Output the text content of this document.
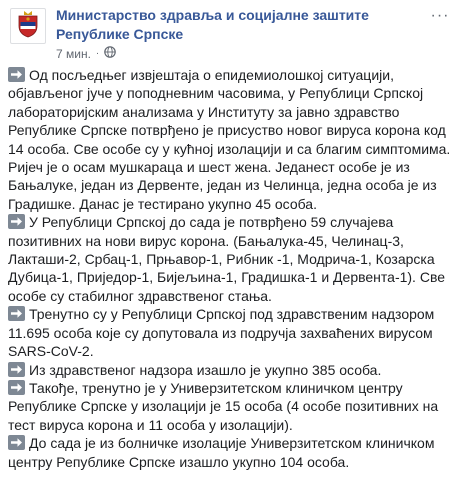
Министарство здравља и социјалне заштите Републике Српске
7 мин. ·
···

Од посљедњег извјештаја о епидемиолошкој ситуацији, објављеног јуче у поподневним часовима, у Републици Српској лабораторијским анализама у Институту за јавно здравство Републике Српске потврђено је присуство новог вируса корона код 14 особа. Све особе су у кућној изолацији и са благим симптомима. Ријеч је о осам мушкараца и шест жена. Једанест особе је из Бањалуке, један из Дервенте, један из Челинца, једна особа је из Градишке. Данас је тестирано укупно 45 особа.

У Републици Српској до сада је потврђено 59 случајева позитивних на нови вирус корона. (Бањалука-45, Челинац-3, Лакташи-2, Србац-1, Прњавор-1, Рибник -1, Модрича-1, Козарска Дубица-1, Приједор-1, Бијељина-1, Градишка-1 и Дервента-1). Све особе су стабилног здравственог стања.

Тренутно су у Републици Српској под здравственим надзором 11.695 особа које су допутовала из подручја захваћених вирусом SARS-CoV-2.

Из здравственог надзора изашло је укупно 385 особа.

Такође, тренутно је у Универзитетском клиничком центру Републике Српске у изолацији је 15 особа (4 особе позитивних на тест вируса корона и 11 особа у изолацији).

До сада је из болничке изолације Универзитетском клиничком центру Републике Српске изашло укупно 104 особа.
